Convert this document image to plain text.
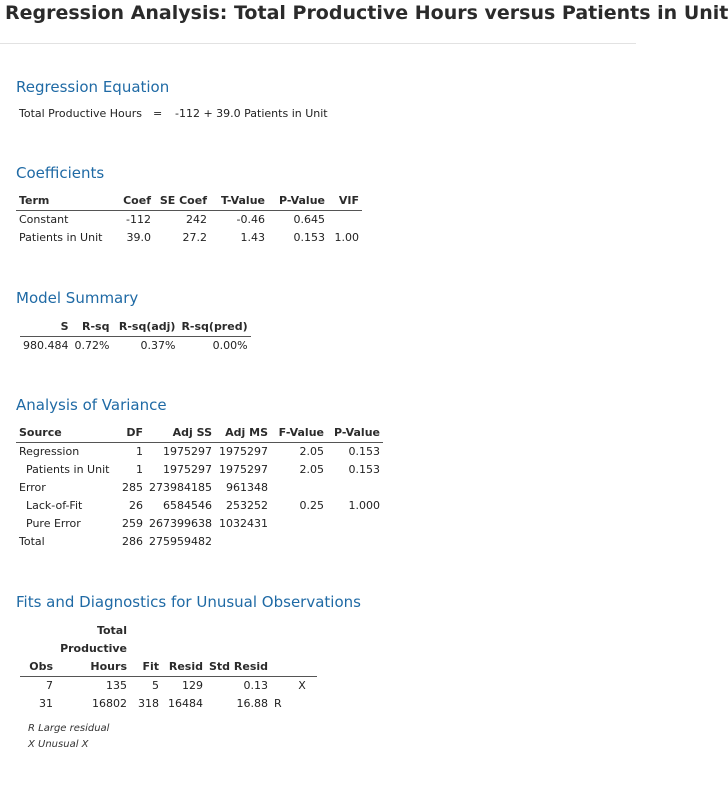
Regression Analysis: Total Productive Hours versus Patients in Unit
Regression Equation
Total Productive Hours = -112 + 39.0 Patients in Unit
Coefficients
Term	Coef	SE Coef	T-Value	P-Value	VIF
Constant	-112	242	-0.46	0.645	
Patients in Unit	39.0	27.2	1.43	0.153	1.00
Model Summary
S	R-sq	R-sq(adj)	R-sq(pred)
980.484	0.72%	0.37%	0.00%
Analysis of Variance
Source	DF	Adj SS	Adj MS	F-Value	P-Value
Regression	1	1975297	1975297	2.05	0.153
Patients in Unit	1	1975297	1975297	2.05	0.153
Error	285	273984185	961348		
Lack-of-Fit	26	6584546	253252	0.25	1.000
Pure Error	259	267399638	1032431		
Total	286	275959482			
Fits and Diagnostics for Unusual Observations
	Total					
	Productive					
Obs	Hours	Fit	Resid	Std Resid		
7	135	5	129	0.13		X
31	16802	318	16484	16.88	R	
R Large residual
X Unusual X
